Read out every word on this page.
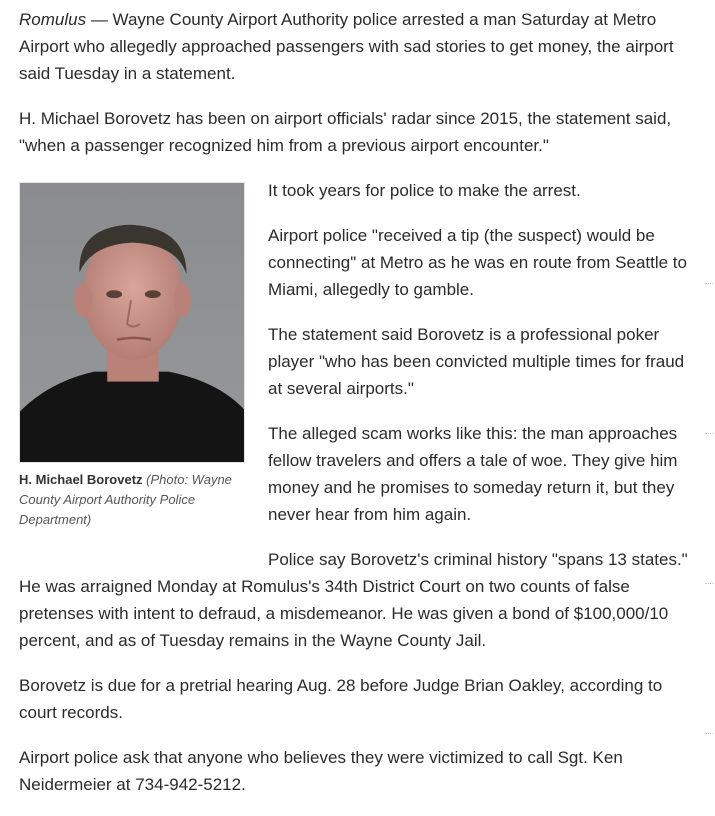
Romulus — Wayne County Airport Authority police arrested a man Saturday at Metro Airport who allegedly approached passengers with sad stories to get money, the airport said Tuesday in a statement.

H. Michael Borovetz has been on airport officials' radar since 2015, the statement said, "when a passenger recognized him from a previous airport encounter."

H. Michael Borovetz (Photo: Wayne County Airport Authority Police Department)

It took years for police to make the arrest.

Airport police "received a tip (the suspect) would be connecting" at Metro as he was en route from Seattle to Miami, allegedly to gamble.

The statement said Borovetz is a professional poker player "who has been convicted multiple times for fraud at several airports."

The alleged scam works like this: the man approaches fellow travelers and offers a tale of woe. They give him money and he promises to someday return it, but they never hear from him again.

Police say Borovetz's criminal history "spans 13 states." He was arraigned Monday at Romulus's 34th District Court on two counts of false pretenses with intent to defraud, a misdemeanor. He was given a bond of $100,000/10 percent, and as of Tuesday remains in the Wayne County Jail.

Borovetz is due for a pretrial hearing Aug. 28 before Judge Brian Oakley, according to court records.

Airport police ask that anyone who believes they were victimized to call Sgt. Ken Neidermeier at 734-942-5212.
